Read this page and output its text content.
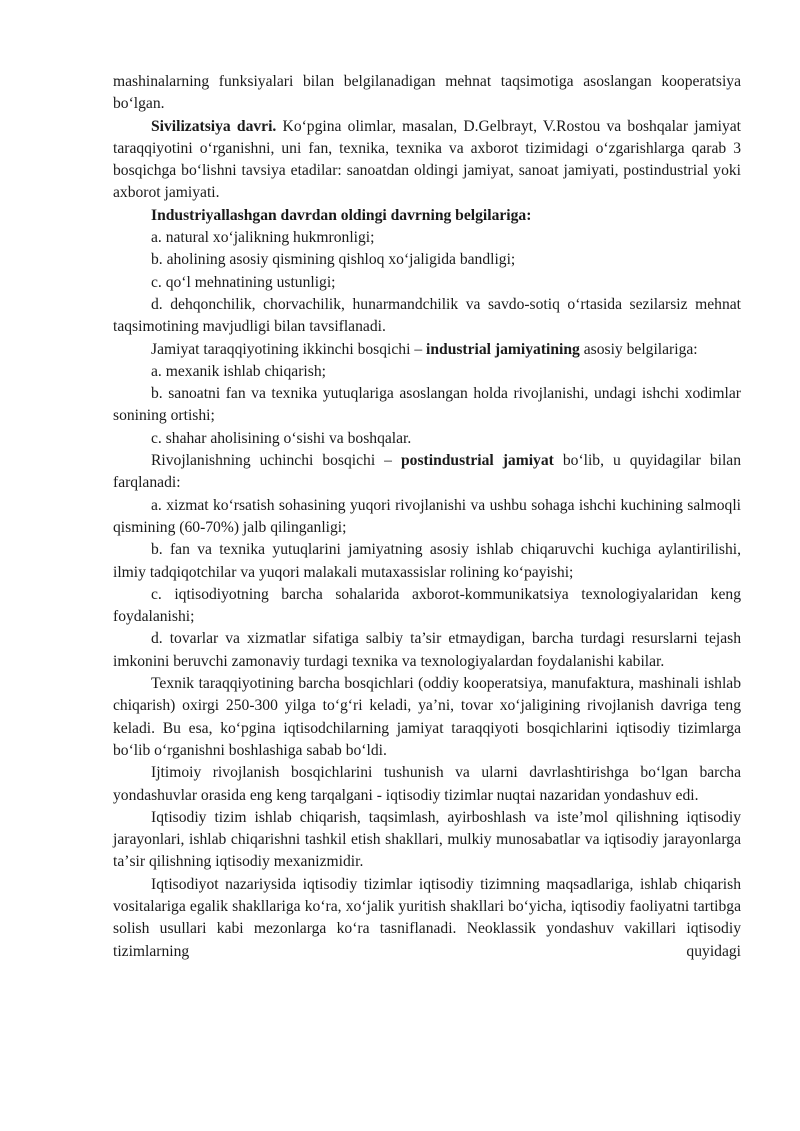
mashinalarning funksiyalari bilan belgilanadigan mehnat taqsimotiga asoslangan kooperatsiya bo‘lgan.

Sivilizatsiya davri. Ko‘pgina olimlar, masalan, D.Gelbrayt, V.Rostou va boshqalar jamiyat taraqqiyotini o‘rganishni, uni fan, texnika, texnika va axborot tizimidagi o‘zgarishlarga qarab 3 bosqichga bo‘lishni tavsiya etadilar: sanoatdan oldingi jamiyat, sanoat jamiyati, postindustrial yoki axborot jamiyati.

Industriyallashgan davrdan oldingi davrning belgilariga:

a. natural xo‘jalikning hukmronligi;

b. aholining asosiy qismining qishloq xo‘jaligida bandligi;

c. qo‘l mehnatining ustunligi;

d. dehqonchilik, chorvachilik, hunarmandchilik va savdo-sotiq o‘rtasida sezilarsiz mehnat taqsimotining mavjudligi bilan tavsiflanadi.

Jamiyat taraqqiyotining ikkinchi bosqichi – industrial jamiyatining asosiy belgilariga:

a. mexanik ishlab chiqarish;

b. sanoatni fan va texnika yutuqlariga asoslangan holda rivojlanishi, undagi ishchi xodimlar sonining ortishi;

c. shahar aholisining o‘sishi va boshqalar.

Rivojlanishning uchinchi bosqichi – postindustrial jamiyat bo‘lib, u quyidagilar bilan farqlanadi:

a. xizmat ko‘rsatish sohasining yuqori rivojlanishi va ushbu sohaga ishchi kuchining salmoqli qismining (60-70%) jalb qilinganligi;

b. fan va texnika yutuqlarini jamiyatning asosiy ishlab chiqaruvchi kuchiga aylantirilishi, ilmiy tadqiqotchilar va yuqori malakali mutaxassislar rolining ko‘payishi;

c. iqtisodiyotning barcha sohalarida axborot-kommunikatsiya texnologiyalaridan keng foydalanishi;

d. tovarlar va xizmatlar sifatiga salbiy ta’sir etmaydigan, barcha turdagi resurslarni tejash imkonini beruvchi zamonaviy turdagi texnika va texnologiyalardan foydalanishi kabilar.

Texnik taraqqiyotining barcha bosqichlari (oddiy kooperatsiya, manufaktura, mashinali ishlab chiqarish) oxirgi 250-300 yilga to‘g‘ri keladi, ya’ni, tovar xo‘jaligining rivojlanish davriga teng keladi. Bu esa, ko‘pgina iqtisodchilarning jamiyat taraqqiyoti bosqichlarini iqtisodiy tizimlarga bo‘lib o‘rganishni boshlashiga sabab bo‘ldi.

Ijtimoiy rivojlanish bosqichlarini tushunish va ularni davrlashtirishga bo‘lgan barcha yondashuvlar orasida eng keng tarqalgani - iqtisodiy tizimlar nuqtai nazaridan yondashuv edi.

Iqtisodiy tizim ishlab chiqarish, taqsimlash, ayirboshlash va iste’mol qilishning iqtisodiy jarayonlari, ishlab chiqarishni tashkil etish shakllari, mulkiy munosabatlar va iqtisodiy jarayonlarga taʼsir qilishning iqtisodiy mexanizmidir.

Iqtisodiyot nazariysida iqtisodiy tizimlar iqtisodiy tizimning maqsadlariga, ishlab chiqarish vositalariga egalik shakllariga ko‘ra, xo‘jalik yuritish shakllari bo‘yicha, iqtisodiy faoliyatni tartibga solish usullari kabi mezonlarga ko‘ra tasniflanadi. Neoklassik yondashuv vakillari iqtisodiy tizimlarning quyidagi
